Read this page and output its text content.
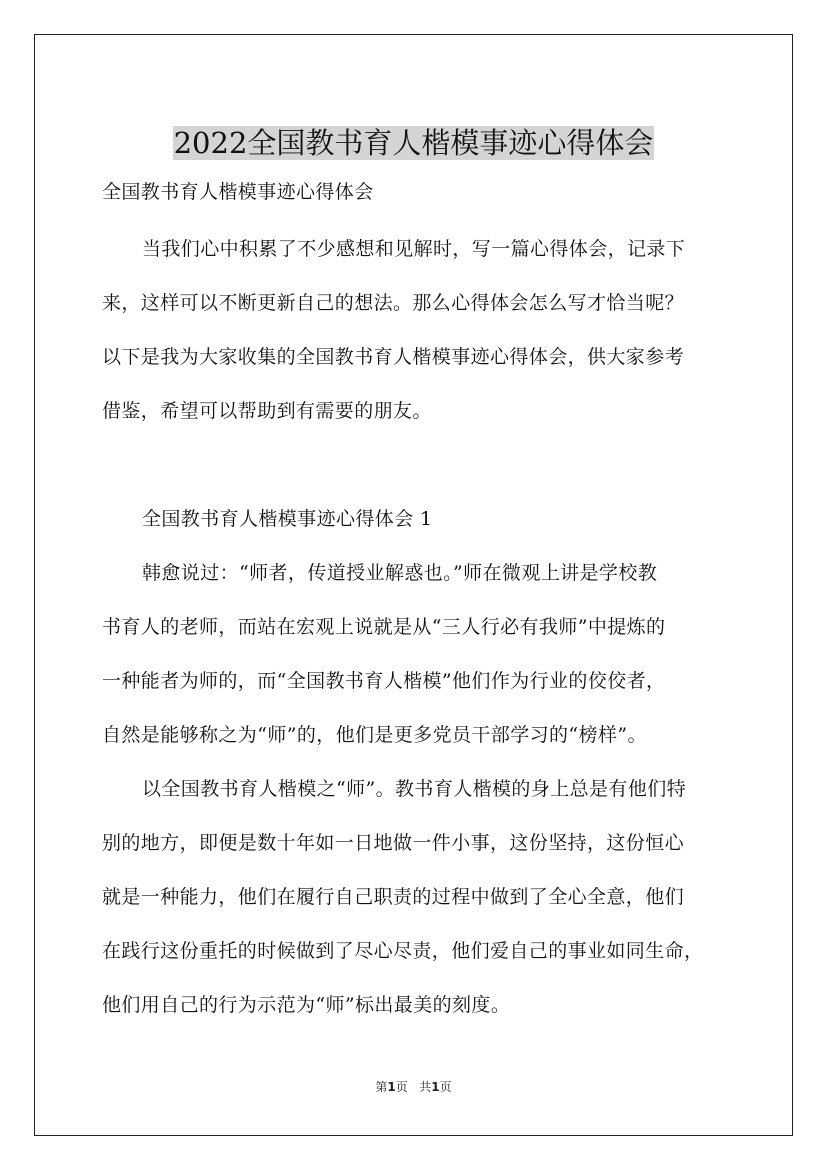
2022全国教书育人楷模事迹心得体会
全国教书育人楷模事迹心得体会
当我们心中积累了不少感想和见解时，写一篇心得体会，记录下
来，这样可以不断更新自己的想法。那么心得体会怎么写才恰当呢？
以下是我为大家收集的全国教书育人楷模事迹心得体会，供大家参考
借鉴，希望可以帮助到有需要的朋友。
全国教书育人楷模事迹心得体会 1
韩愈说过：“师者，传道授业解惑也。”师在微观上讲是学校教
书育人的老师，而站在宏观上说就是从“三人行必有我师”中提炼的
一种能者为师的，而“全国教书育人楷模”他们作为行业的佼佼者，
自然是能够称之为“师”的，他们是更多党员干部学习的“榜样”。
以全国教书育人楷模之“师”。教书育人楷模的身上总是有他们特
别的地方，即便是数十年如一日地做一件小事，这份坚持，这份恒心
就是一种能力，他们在履行自己职责的过程中做到了全心全意，他们
在践行这份重托的时候做到了尽心尽责，他们爱自己的事业如同生命，
他们用自己的行为示范为“师”标出最美的刻度。
第1页 共1页
